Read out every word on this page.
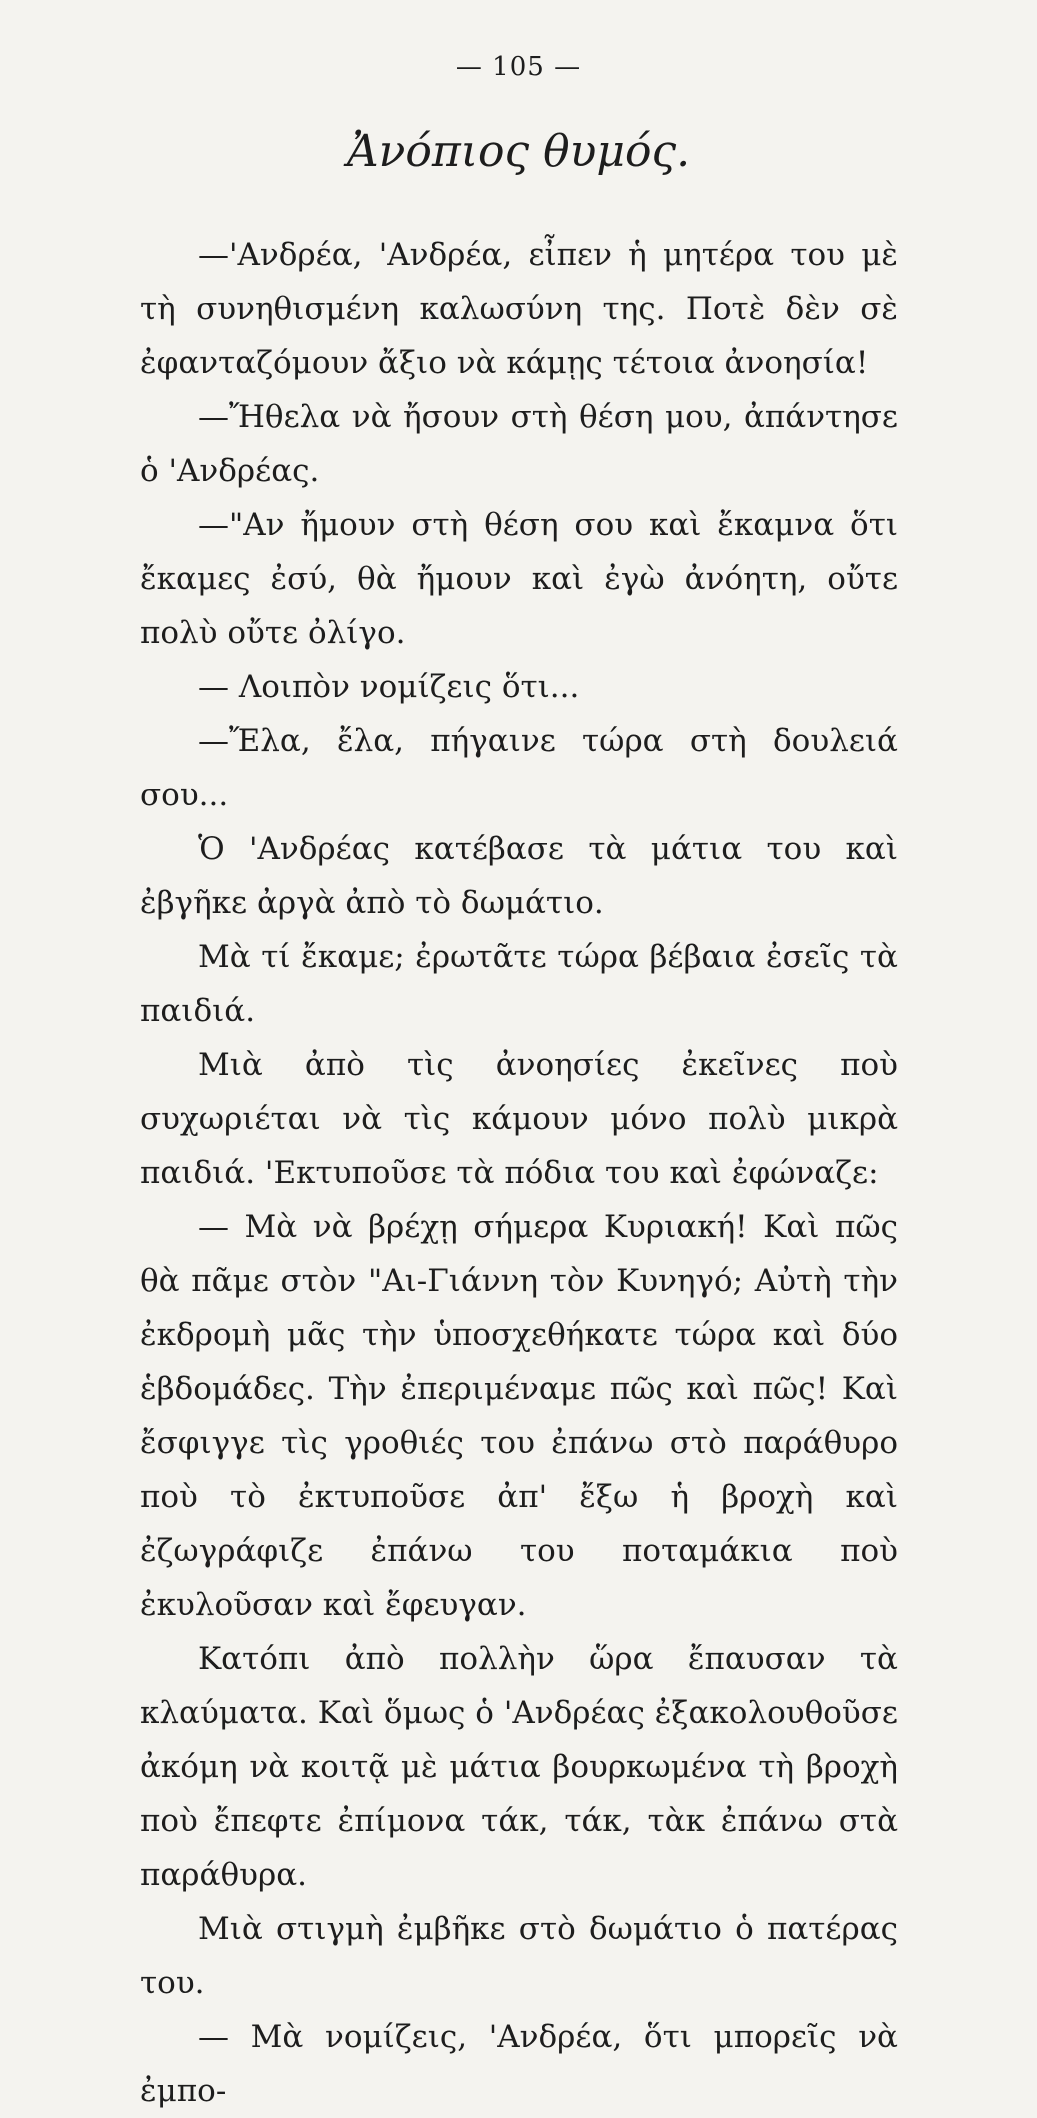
— 105 —
Ἀνόπιος θυμός.

—'Ανδρέα, 'Ανδρέα, εἶπεν ἡ μητέρα του μὲ τὴ συνηθισμένη καλωσύνη της. Ποτὲ δὲν σὲ ἐφανταζόμουν ἄξιο νὰ κάμῃς τέτοια ἀνοησία!

—Ἤθελα νὰ ἤσουν στὴ θέση μου, ἀπάντησε ὁ 'Ανδρέας.

—"Αν ἤμουν στὴ θέση σου καὶ ἔκαμνα ὅτι ἔκαμες ἐσύ, θὰ ἤμουν καὶ ἐγὼ ἀνόητη, οὔτε πολὺ οὔτε ὀλίγο.

— Λοιπὸν νομίζεις ὅτι...

—Ἔλα, ἔλα, πήγαινε τώρα στὴ δουλειά σου...

Ὁ 'Ανδρέας κατέβασε τὰ μάτια του καὶ ἐβγῆκε ἀργὰ ἀπὸ τὸ δωμάτιο.

Μὰ τί ἔκαμε; ἐρωτᾶτε τώρα βέβαια ἐσεῖς τὰ παιδιά.

Μιὰ ἀπὸ τὶς ἀνοησίες ἐκεῖνες ποὺ συχωριέται νὰ τὶς κάμουν μόνο πολὺ μικρὰ παιδιά. 'Εκτυποῦσε τὰ πόδια του καὶ ἐφώναζε:

— Μὰ νὰ βρέχῃ σήμερα Κυριακή! Καὶ πῶς θὰ πᾶμε στὸν "Αι-Γιάννη τὸν Κυνηγό; Αὐτὴ τὴν ἐκδρομὴ μᾶς τὴν ὑποσχεθήκατε τώρα καὶ δύο ἑβδομάδες. Τὴν ἐπεριμέναμε πῶς καὶ πῶς! Καὶ ἔσφιγγε τὶς γροθιές του ἐπάνω στὸ παράθυρο ποὺ τὸ ἐκτυποῦσε ἀπ' ἔξω ἡ βροχὴ καὶ ἐζωγράφιζε ἐπάνω του ποταμάκια ποὺ ἐκυλοῦσαν καὶ ἔφευγαν.

Κατόπι ἀπὸ πολλὴν ὥρα ἔπαυσαν τὰ κλαύματα. Καὶ ὅμως ὁ 'Ανδρέας ἐξακολουθοῦσε ἀκόμη νὰ κοιτᾷ μὲ μάτια βουρκωμένα τὴ βροχὴ ποὺ ἔπεφτε ἐπίμονα τάκ, τάκ, τὰκ ἐπάνω στὰ παράθυρα.

Μιὰ στιγμὴ ἐμβῆκε στὸ δωμάτιο ὁ πατέρας του.

— Μὰ νομίζεις, 'Ανδρέα, ὅτι μπορεῖς νὰ ἐμπο-
